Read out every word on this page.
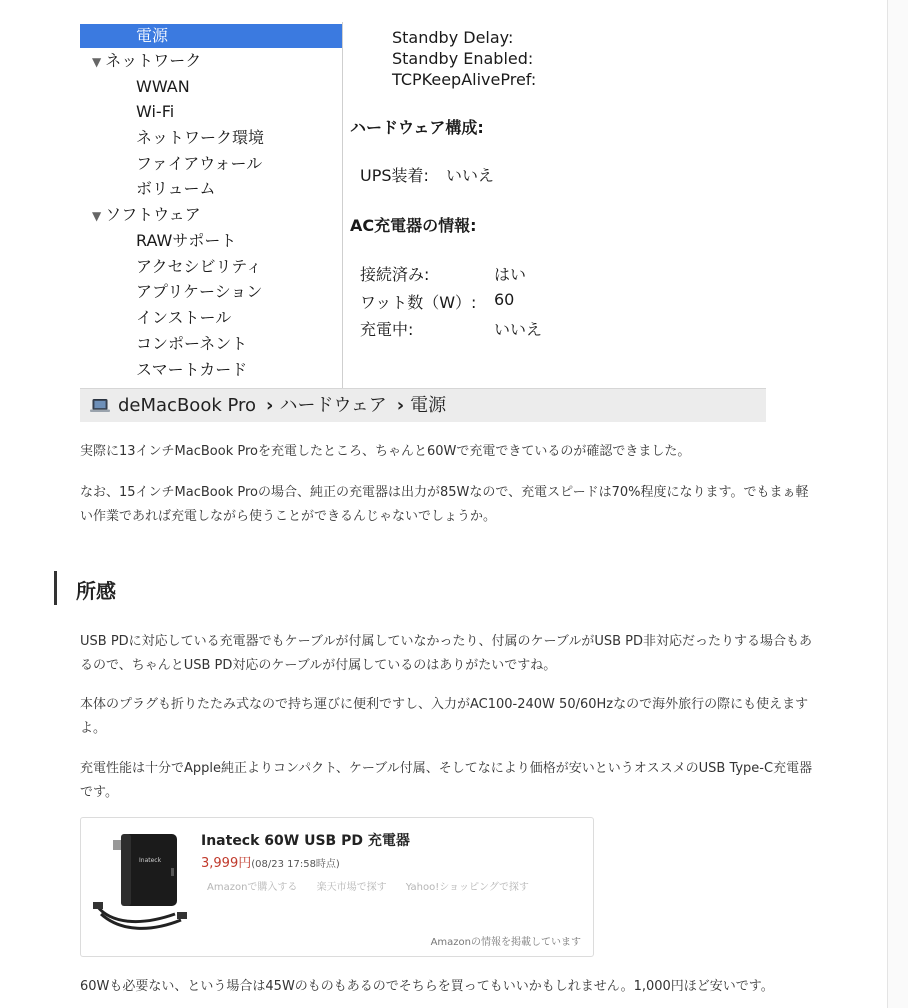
電源
▼ ネットワーク
WWAN
Wi-Fi
ネットワーク環境
ファイアウォール
ボリューム
▼ ソフトウェア
RAWサポート
アクセシビリティ
アプリケーション
インストール
コンポーネント
スマートカード
Standby Delay:
Standby Enabled:
TCPKeepAlivePref:
ハードウェア構成:
UPS装着: いいえ
AC充電器の情報:
接続済み:	はい
ワット数（W）: 60
充電中:	いいえ
deMacBook Pro › ハードウェア › 電源
実際に13インチMacBook Proを充電したところ、ちゃんと60Wで充電できているのが確認できました。
なお、15インチMacBook Proの場合、純正の充電器は出力が85Wなので、充電スピードは70%程度になります。でもまぁ軽い作業であれば充電しながら使うことができるんじゃないでしょうか。
所感
USB PDに対応している充電器でもケーブルが付属していなかったり、付属のケーブルがUSB PD非対応だったりする場合もあるので、ちゃんとUSB PD対応のケーブルが付属しているのはありがたいですね。
本体のプラグも折りたたみ式なので持ち運びに便利ですし、入力がAC100-240W 50/60Hzなので海外旅行の際にも使えますよ。
充電性能は十分でApple純正よりコンパクト、ケーブル付属、そしてなにより価格が安いというオススメのUSB Type-C充電器です。
Inateck
Inateck 60W USB PD 充電器
3,999円(08/23 17:58時点)
Amazonで購入する 楽天市場で探す Yahoo!ショッピングで探す
Amazonの情報を掲載しています
60Wも必要ない、という場合は45Wのものもあるのでそちらを買ってもいいかもしれません。1,000円ほど安いです。
